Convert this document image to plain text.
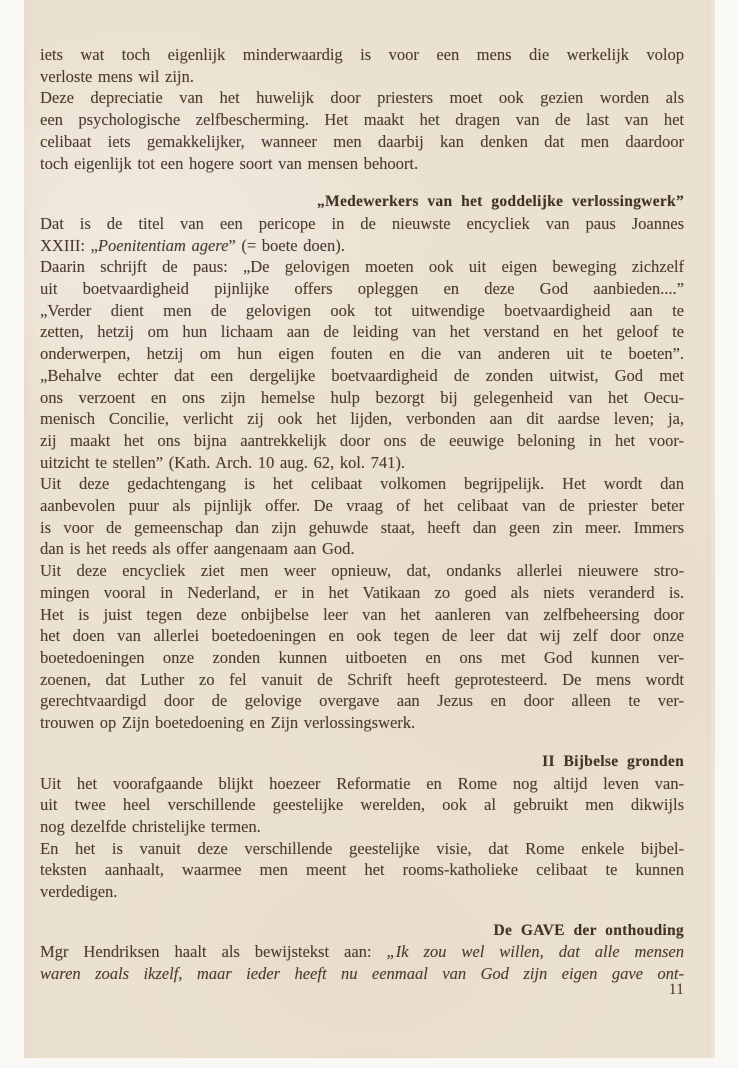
iets wat toch eigenlijk minderwaardig is voor een mens die werkelijk volop
verloste mens wil zijn.
Deze depreciatie van het huwelijk door priesters moet ook gezien worden als
een psychologische zelfbescherming. Het maakt het dragen van de last van het
celibaat iets gemakkelijker, wanneer men daarbij kan denken dat men daardoor
toch eigenlijk tot een hogere soort van mensen behoort.
„Medewerkers van het goddelijke verlossingwerk”
Dat is de titel van een pericope in de nieuwste encycliek van paus Joannes
XXIII: „Poenitentiam agere” (= boete doen).
Daarin schrijft de paus: „De gelovigen moeten ook uit eigen beweging zichzelf
uit boetvaardigheid pijnlijke offers opleggen en deze God aanbieden....”
„Verder dient men de gelovigen ook tot uitwendige boetvaardigheid aan te
zetten, hetzij om hun lichaam aan de leiding van het verstand en het geloof te
onderwerpen, hetzij om hun eigen fouten en die van anderen uit te boeten”.
„Behalve echter dat een dergelijke boetvaardigheid de zonden uitwist, God met
ons verzoent en ons zijn hemelse hulp bezorgt bij gelegenheid van het Oecu-
menisch Concilie, verlicht zij ook het lijden, verbonden aan dit aardse leven; ja,
zij maakt het ons bijna aantrekkelijk door ons de eeuwige beloning in het voor-
uitzicht te stellen” (Kath. Arch. 10 aug. 62, kol. 741).
Uit deze gedachtengang is het celibaat volkomen begrijpelijk. Het wordt dan
aanbevolen puur als pijnlijk offer. De vraag of het celibaat van de priester beter
is voor de gemeenschap dan zijn gehuwde staat, heeft dan geen zin meer. Immers
dan is het reeds als offer aangenaam aan God.
Uit deze encycliek ziet men weer opnieuw, dat, ondanks allerlei nieuwere stro-
mingen vooral in Nederland, er in het Vatikaan zo goed als niets veranderd is.
Het is juist tegen deze onbijbelse leer van het aanleren van zelfbeheersing door
het doen van allerlei boetedoeningen en ook tegen de leer dat wij zelf door onze
boetedoeningen onze zonden kunnen uitboeten en ons met God kunnen ver-
zoenen, dat Luther zo fel vanuit de Schrift heeft geprotesteerd. De mens wordt
gerechtvaardigd door de gelovige overgave aan Jezus en door alleen te ver-
trouwen op Zijn boetedoening en Zijn verlossingswerk.
II Bijbelse gronden
Uit het voorafgaande blijkt hoezeer Reformatie en Rome nog altijd leven van-
uit twee heel verschillende geestelijke werelden, ook al gebruikt men dikwijls
nog dezelfde christelijke termen.
En het is vanuit deze verschillende geestelijke visie, dat Rome enkele bijbel-
teksten aanhaalt, waarmee men meent het rooms-katholieke celibaat te kunnen
verdedigen.
De GAVE der onthouding
Mgr Hendriksen haalt als bewijstekst aan: „Ik zou wel willen, dat alle mensen
waren zoals ikzelf, maar ieder heeft nu eenmaal van God zijn eigen gave ont-
11
